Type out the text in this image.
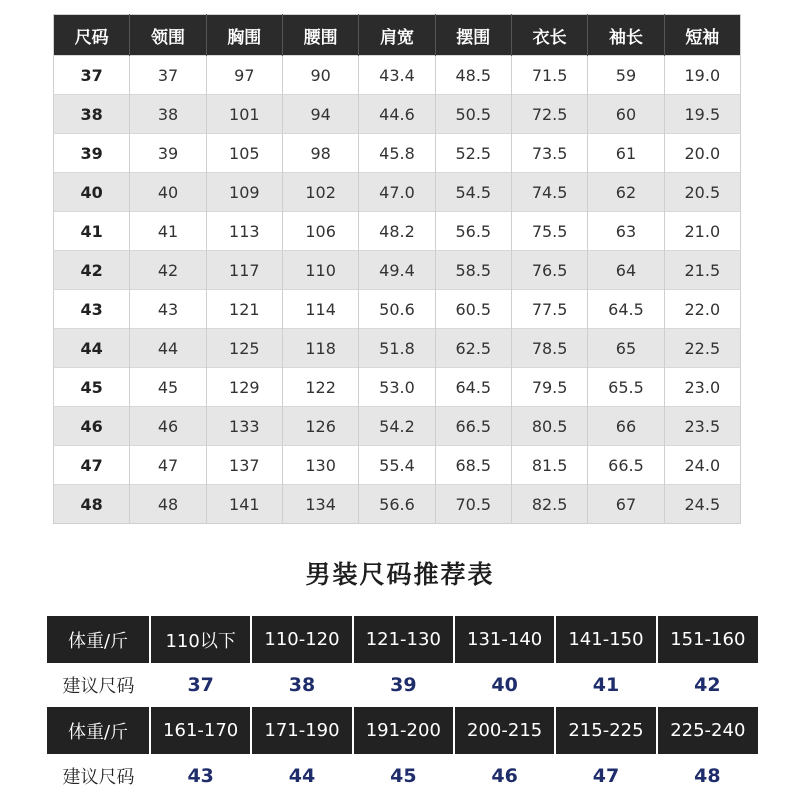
尺码	领围	胸围	腰围	肩宽	摆围	衣长	袖长	短袖
37	37	97	90	43.4	48.5	71.5	59	19.0
38	38	101	94	44.6	50.5	72.5	60	19.5
39	39	105	98	45.8	52.5	73.5	61	20.0
40	40	109	102	47.0	54.5	74.5	62	20.5
41	41	113	106	48.2	56.5	75.5	63	21.0
42	42	117	110	49.4	58.5	76.5	64	21.5
43	43	121	114	50.6	60.5	77.5	64.5	22.0
44	44	125	118	51.8	62.5	78.5	65	22.5
45	45	129	122	53.0	64.5	79.5	65.5	23.0
46	46	133	126	54.2	66.5	80.5	66	23.5
47	47	137	130	55.4	68.5	81.5	66.5	24.0
48	48	141	134	56.6	70.5	82.5	67	24.5
男装尺码推荐表
体重/斤	110以下	110-120	121-130	131-140	141-150	151-160
建议尺码	37	38	39	40	41	42

体重/斤	161-170	171-190	191-200	200-215	215-225	225-240
建议尺码	43	44	45	46	47	48
